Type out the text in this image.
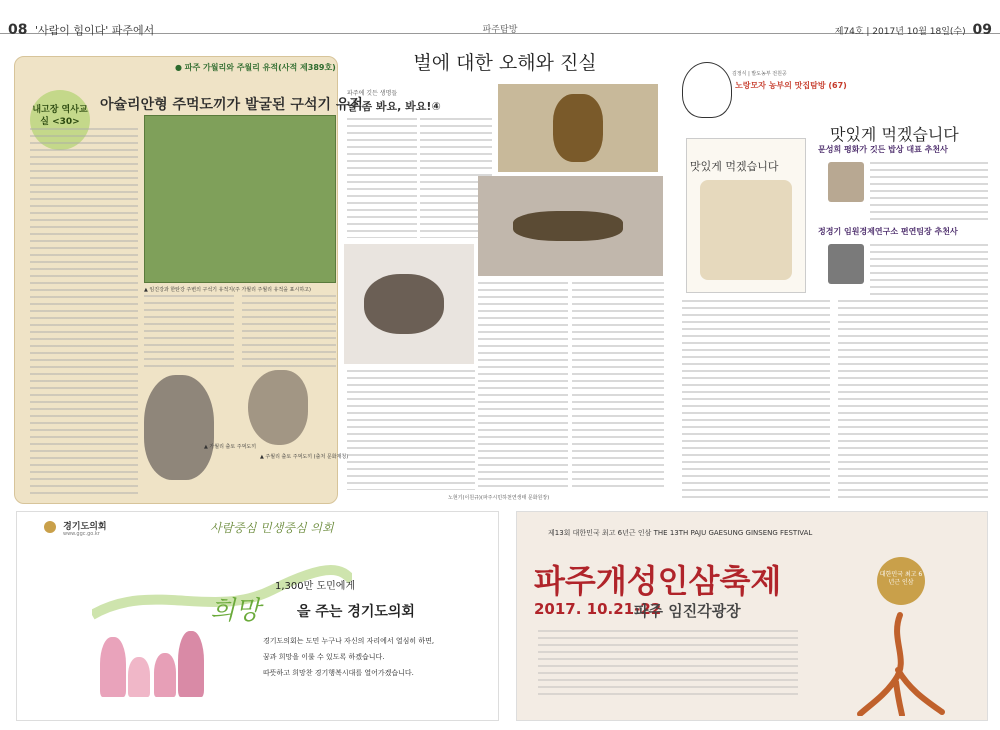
08 '사람이 힘이다' 파주에서	파주탐방	제74호 | 2017년 10월 18일(수) 09
● 파주 가월리와 주월리 유적(사적 제389호)
내고장 역사교실 <30>
아슐리안형 주먹도끼가 발굴된 구석기 유적
▲ 임진강과 한탄강 주변의 구석기 유적지(주 가월리 주월리 유적을 표시하고)
▲ 가월리 출토 주먹도끼
▲ 주월리 출토 주먹도끼 (출처 문화재청)
벌에 대한 오해와 진실
파주에 깃든 생명들
날 좀 봐요, 봐요!④
노현기(이원규)(파주시민하천연생태 문화원장)
김정식 | 발도농부 전원공
노랑모자 농부의 맛집탐방 (67)
맛있게 먹겠습니다
맛있게 먹겠습니다
문성희 평화가 깃든 밥상 대표 추천사
정경기 임원경제연구소 편연팀장 추천사
경기도의회
www.ggc.go.kr	사람중심 민생중심 의회
1,300만 도민에게
희망	을 주는 경기도의회
경기도의회는 도민 누구나 자신의 자리에서 열심히 하면,
꿈과 희망을 이룰 수 있도록 하겠습니다.
따뜻하고 희망찬 경기행복시대를 열어가겠습니다.
제13회 대한민국 최고 6년근 인삼 THE 13TH PAJU GAESUNG GINSENG FESTIVAL
파주개성인삼축제
2017. 10.21-22
파주 임진각광장
대한민국 최고 6년근 인삼
